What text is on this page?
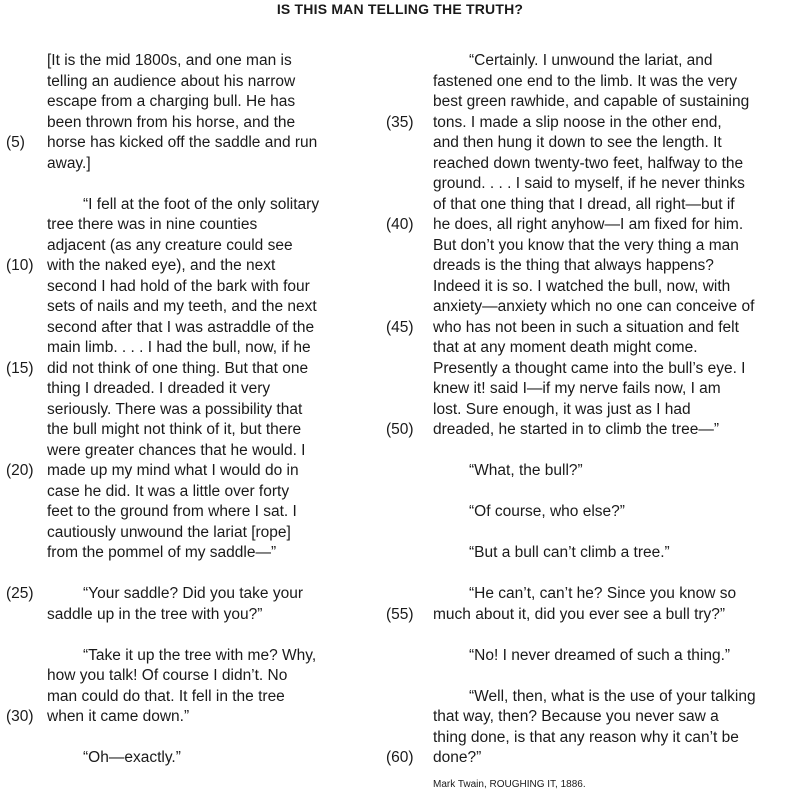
IS THIS MAN TELLING THE TRUTH?
[It is the mid 1800s, and one man is
telling an audience about his narrow
escape from a charging bull. He has
been thrown from his horse, and the
horse has kicked off the saddle and run
away.]
“I fell at the foot of the only solitary
tree there was in nine counties
adjacent (as any creature could see
with the naked eye), and the next
second I had hold of the bark with four
sets of nails and my teeth, and the next
second after that I was astraddle of the
main limb. . . . I had the bull, now, if he
did not think of one thing. But that one
thing I dreaded. I dreaded it very
seriously. There was a possibility that
the bull might not think of it, but there
were greater chances that he would. I
made up my mind what I would do in
case he did. It was a little over forty
feet to the ground from where I sat. I
cautiously unwound the lariat [rope]
from the pommel of my saddle—”
“Your saddle? Did you take your
saddle up in the tree with you?”
“Take it up the tree with me? Why,
how you talk! Of course I didn’t. No
man could do that. It fell in the tree
when it came down.”
“Oh—exactly.”
“Certainly. I unwound the lariat, and
fastened one end to the limb. It was the very
best green rawhide, and capable of sustaining
tons. I made a slip noose in the other end,
and then hung it down to see the length. It
reached down twenty-two feet, halfway to the
ground. . . . I said to myself, if he never thinks
of that one thing that I dread, all right—but if
he does, all right anyhow—I am fixed for him.
But don’t you know that the very thing a man
dreads is the thing that always happens?
Indeed it is so. I watched the bull, now, with
anxiety—anxiety which no one can conceive of
who has not been in such a situation and felt
that at any moment death might come.
Presently a thought came into the bull’s eye. I
knew it! said I—if my nerve fails now, I am
lost. Sure enough, it was just as I had
dreaded, he started in to climb the tree—”
“What, the bull?”
“Of course, who else?”
“But a bull can’t climb a tree.”
“He can’t, can’t he? Since you know so
much about it, did you ever see a bull try?”
“No! I never dreamed of such a thing.”
“Well, then, what is the use of your talking
that way, then? Because you never saw a
thing done, is that any reason why it can’t be
done?”
Mark Twain, ROUGHING IT, 1886.
(5)
(10)
(15)
(20)
(25)
(30)
(35)
(40)
(45)
(50)
(55)
(60)
